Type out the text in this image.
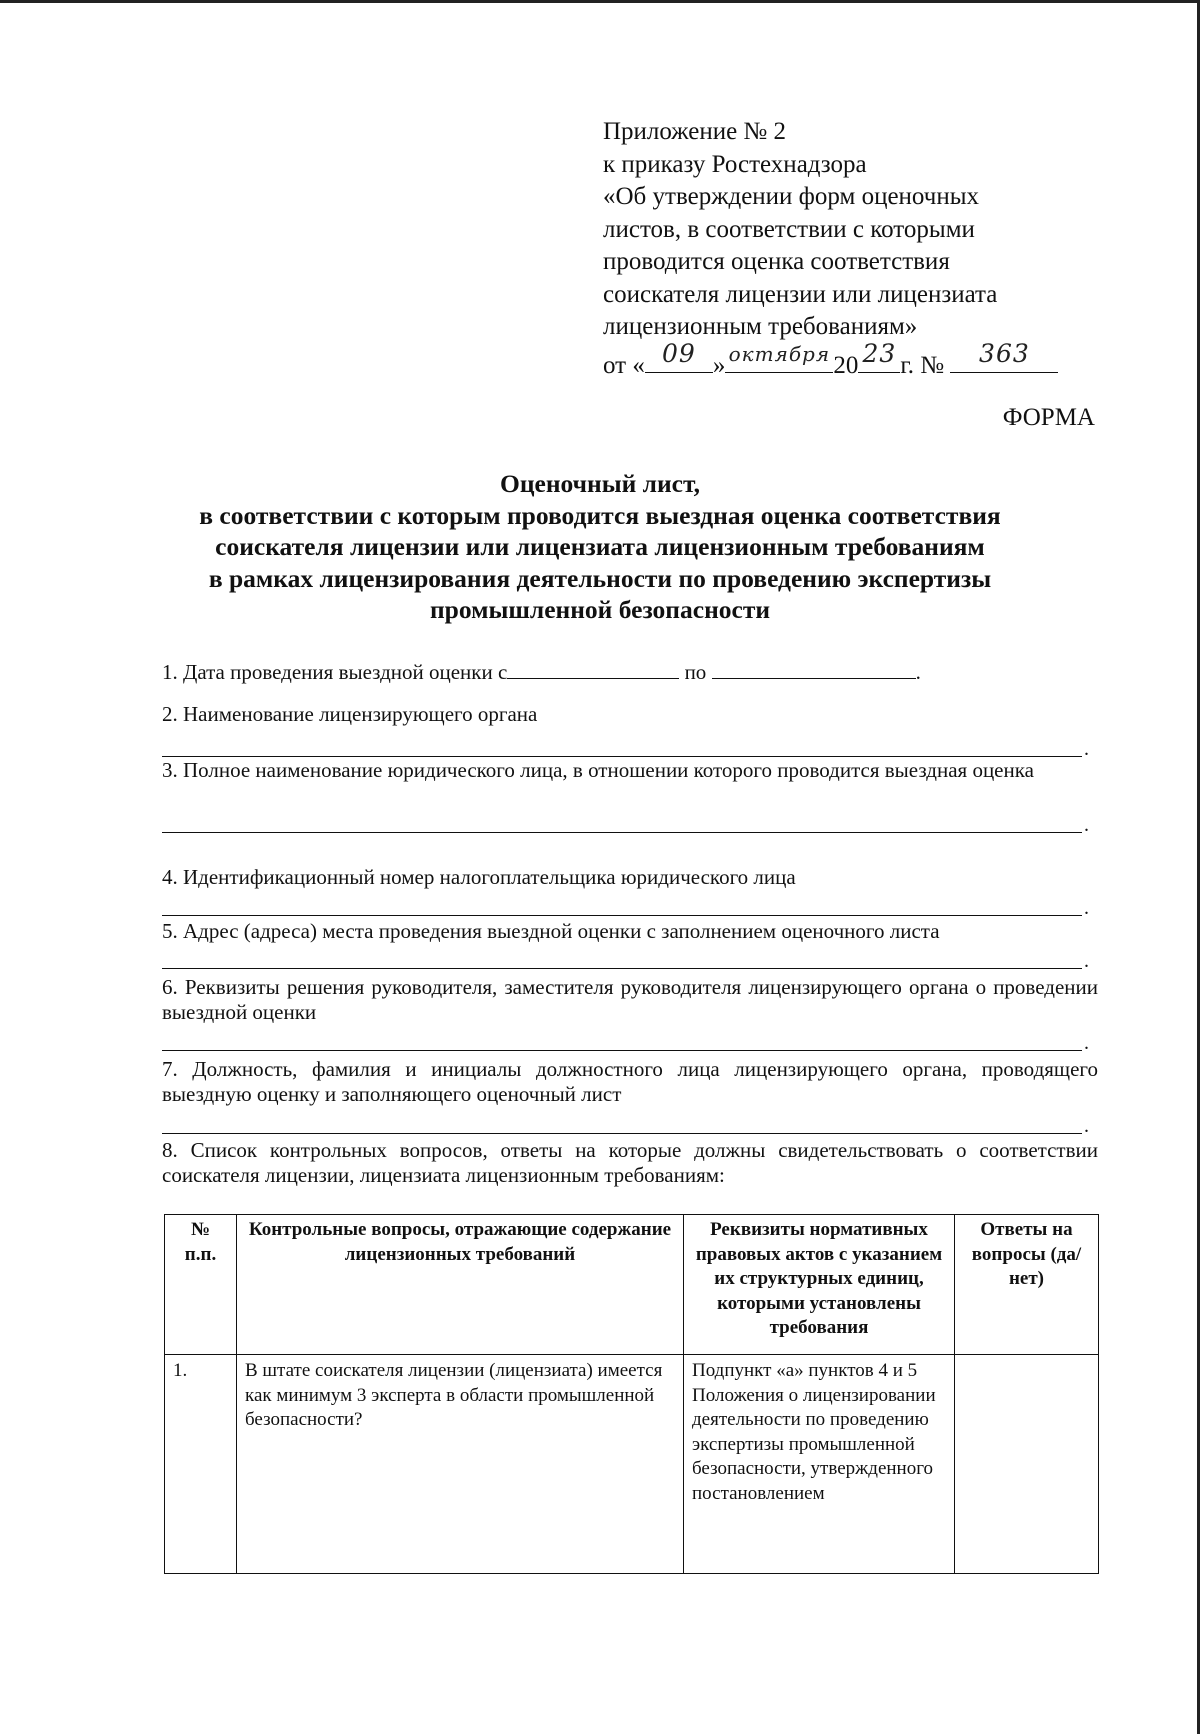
Приложение № 2
к приказу Ростехнадзора
«Об утверждении форм оценочных
листов, в соответствии с которыми
проводится оценка соответствия
соискателя лицензии или лицензиата
лицензионным требованиям»
от « 09 » октября 20 23 г. №	363
ФОРМА
Оценочный лист,
в соответствии с которым проводится выездная оценка соответствия
соискателя лицензии или лицензиата лицензионным требованиям
в рамках лицензирования деятельности по проведению экспертизы
промышленной безопасности
1. Дата проведения выездной оценки с	по	.
2. Наименование лицензирующего органа
.
3. Полное наименование юридического лица, в отношении которого проводится выездная оценка
.
4. Идентификационный номер налогоплательщика юридического лица
.
5. Адрес (адреса) места проведения выездной оценки с заполнением оценочного листа
.
6. Реквизиты решения руководителя, заместителя руководителя лицензирующего органа о проведении выездной оценки
.
7. Должность, фамилия и инициалы должностного лица лицензирующего органа, проводящего выездную оценку и заполняющего оценочный лист
.
8. Список контрольных вопросов, ответы на которые должны свидетельствовать о соответствии соискателя лицензии, лицензиата лицензионным требованиям:
№ п.п.	Контрольные вопросы, отражающие содержание лицензионных требований	Реквизиты нормативных правовых актов с указанием их структурных единиц, которыми установлены требования	Ответы на вопросы (да/нет)
1.	В штате соискателя лицензии (лицензиата) имеется как минимум 3 эксперта в области промышленной безопасности?	Подпункт «а» пунктов 4 и 5 Положения о лицензировании деятельности по проведению экспертизы промышленной безопасности, утвержденного постановлением	
